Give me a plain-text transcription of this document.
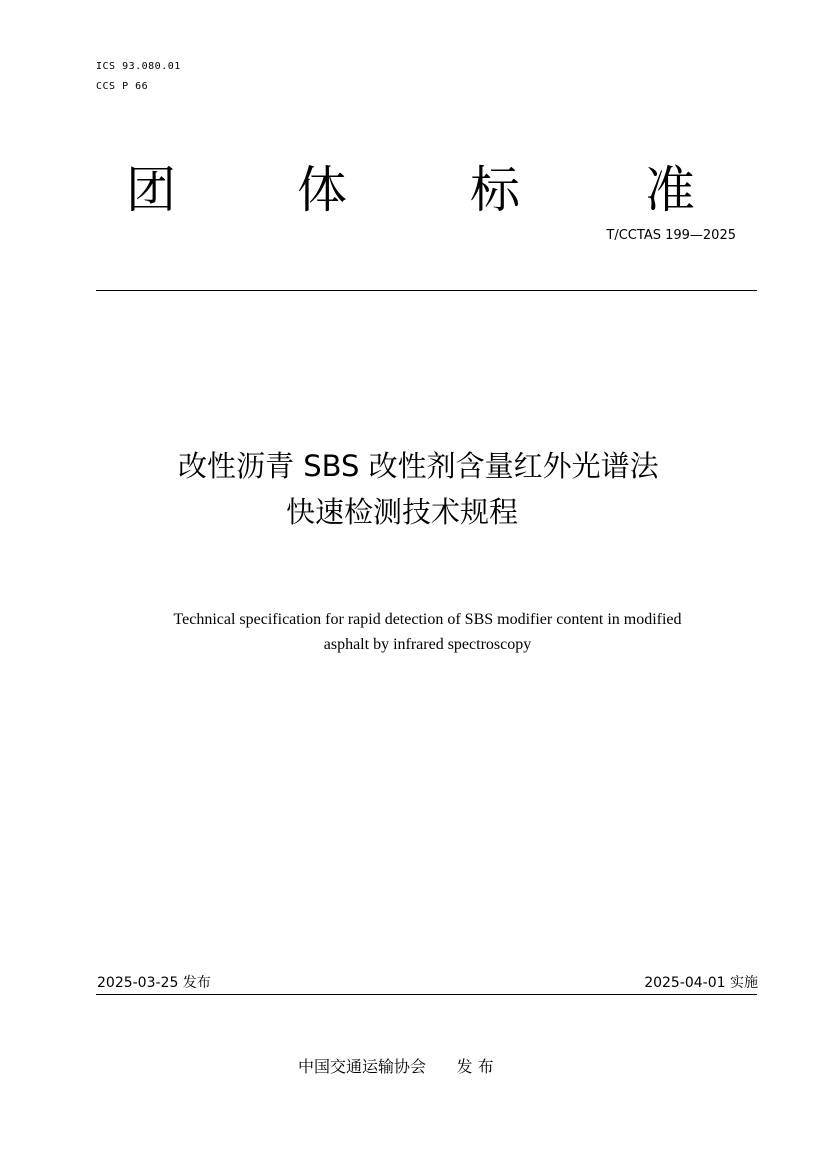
ICS 93.080.01
CCS P 66
团 体 标	准
T/CCTAS 199—2025
改性沥青 SBS 改性剂含量红外光谱法
快速检测技术规程
Technical specification for rapid detection of SBS modifier content in modified
asphalt by infrared spectroscopy
2025-03-25 发布	2025-04-01 实施
中国交通运输协会      发 布
